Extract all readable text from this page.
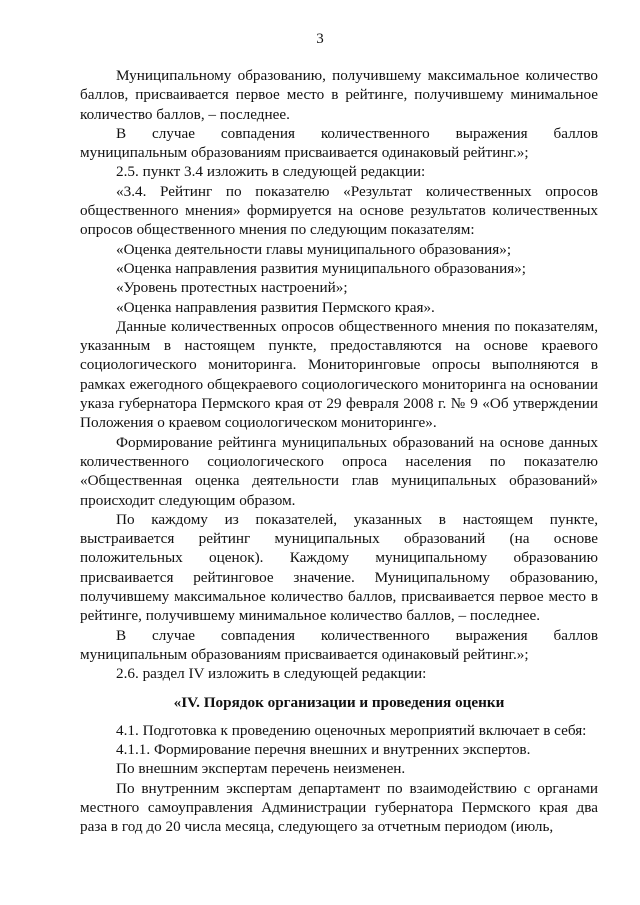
3

Муниципальному образованию, получившему максимальное количество баллов, присваивается первое место в рейтинге, получившему минимальное количество баллов, – последнее.

В случае совпадения количественного выражения баллов муниципальным образованиям присваивается одинаковый рейтинг.»;

2.5. пункт 3.4 изложить в следующей редакции:

«3.4. Рейтинг по показателю «Результат количественных опросов общественного мнения» формируется на основе результатов количественных опросов общественного мнения по следующим показателям:

«Оценка деятельности главы муниципального образования»;

«Оценка направления развития муниципального образования»;

«Уровень протестных настроений»;

«Оценка направления развития Пермского края».

Данные количественных опросов общественного мнения по показателям, указанным в настоящем пункте, предоставляются на основе краевого социологического мониторинга. Мониторинговые опросы выполняются в рамках ежегодного общекраевого социологического мониторинга на основании указа губернатора Пермского края от 29 февраля 2008 г. № 9 «Об утверждении Положения о краевом социологическом мониторинге».

Формирование рейтинга муниципальных образований на основе данных количественного социологического опроса населения по показателю «Общественная оценка деятельности глав муниципальных образований» происходит следующим образом.

По каждому из показателей, указанных в настоящем пункте, выстраивается рейтинг муниципальных образований (на основе положительных оценок). Каждому муниципальному образованию присваивается рейтинговое значение. Муниципальному образованию, получившему максимальное количество баллов, присваивается первое место в рейтинге, получившему минимальное количество баллов, – последнее.

В случае совпадения количественного выражения баллов муниципальным образованиям присваивается одинаковый рейтинг.»;

2.6. раздел IV изложить в следующей редакции:

«IV. Порядок организации и проведения оценки

4.1. Подготовка к проведению оценочных мероприятий включает в себя:

4.1.1. Формирование перечня внешних и внутренних экспертов.

По внешним экспертам перечень неизменен.

По внутренним экспертам департамент по взаимодействию с органами местного самоуправления Администрации губернатора Пермского края два раза в год до 20 числа месяца, следующего за отчетным периодом (июль,
